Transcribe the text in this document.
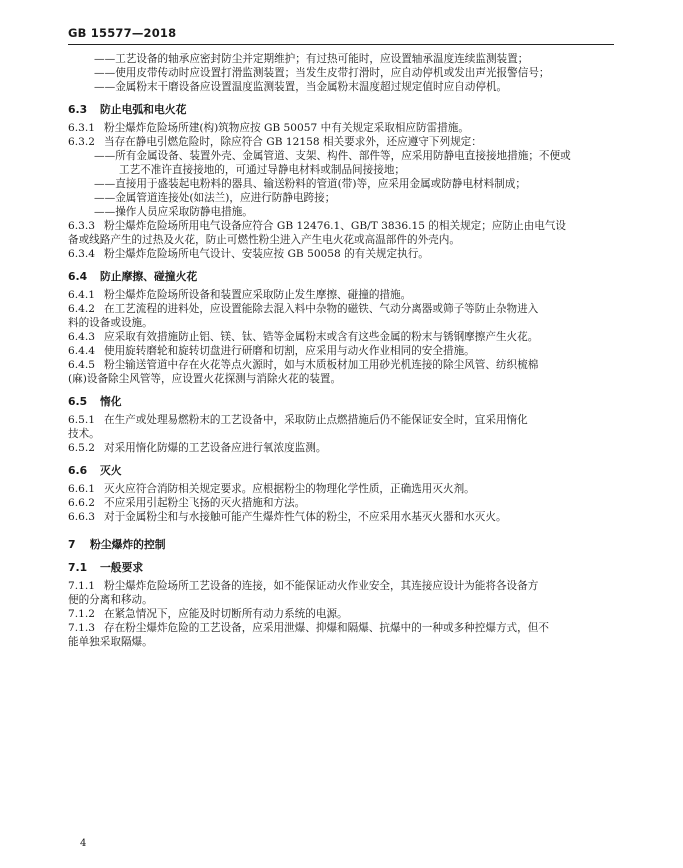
GB 15577—2018
——工艺设备的轴承应密封防尘并定期维护；有过热可能时，应设置轴承温度连续监测装置；
——使用皮带传动时应设置打滑监测装置；当发生皮带打滑时，应自动停机或发出声光报警信号；
——金属粉末干磨设备应设置温度监测装置，当金属粉末温度超过规定值时应自动停机。
6.3 防止电弧和电火花
6.3.1 粉尘爆炸危险场所建(构)筑物应按 GB 50057 中有关规定采取相应防雷措施。
6.3.2 当存在静电引燃危险时，除应符合 GB 12158 相关要求外，还应遵守下列规定：
——所有金属设备、装置外壳、金属管道、支架、构件、部件等，应采用防静电直接接地措施；不便或
工艺不准许直接接地的，可通过导静电材料或制品间接接地；
——直接用于盛装起电粉料的器具、输送粉料的管道(带)等，应采用金属或防静电材料制成；
——金属管道连接处(如法兰)，应进行防静电跨接；
——操作人员应采取防静电措施。
6.3.3 粉尘爆炸危险场所用电气设备应符合 GB 12476.1、GB/T 3836.15 的相关规定；应防止由电气设
备或线路产生的过热及火花，防止可燃性粉尘进入产生电火花或高温部件的外壳内。
6.3.4 粉尘爆炸危险场所电气设计、安装应按 GB 50058 的有关规定执行。
6.4 防止摩擦、碰撞火花
6.4.1 粉尘爆炸危险场所设备和装置应采取防止发生摩擦、碰撞的措施。
6.4.2 在工艺流程的进料处，应设置能除去混入料中杂物的磁铁、气动分离器或筛子等防止杂物进入
料的设备或设施。
6.4.3 应采取有效措施防止铝、镁、钛、锆等金属粉末或含有这些金属的粉末与锈钢摩擦产生火花。
6.4.4 使用旋转磨轮和旋转切盘进行研磨和切割，应采用与动火作业相同的安全措施。
6.4.5 粉尘输送管道中存在火花等点火源时，如与木质板材加工用砂光机连接的除尘风管、纺织梳棉
(麻)设备除尘风管等，应设置火花探测与消除火花的装置。
6.5 惰化
6.5.1 在生产或处理易燃粉末的工艺设备中，采取防止点燃措施后仍不能保证安全时，宜采用惰化
技术。
6.5.2 对采用惰化防爆的工艺设备应进行氧浓度监测。
6.6 灭火
6.6.1 灭火应符合消防相关规定要求。应根据粉尘的物理化学性质，正确选用灭火剂。
6.6.2 不应采用引起粉尘飞扬的灭火措施和方法。
6.6.3 对于金属粉尘和与水接触可能产生爆炸性气体的粉尘，不应采用水基灭火器和水灭火。
7 粉尘爆炸的控制
7.1 一般要求
7.1.1 粉尘爆炸危险场所工艺设备的连接，如不能保证动火作业安全，其连接应设计为能将各设备方
便的分离和移动。
7.1.2 在紧急情况下，应能及时切断所有动力系统的电源。
7.1.3 存在粉尘爆炸危险的工艺设备，应采用泄爆、抑爆和隔爆、抗爆中的一种或多种控爆方式，但不
能单独采取隔爆。
4
